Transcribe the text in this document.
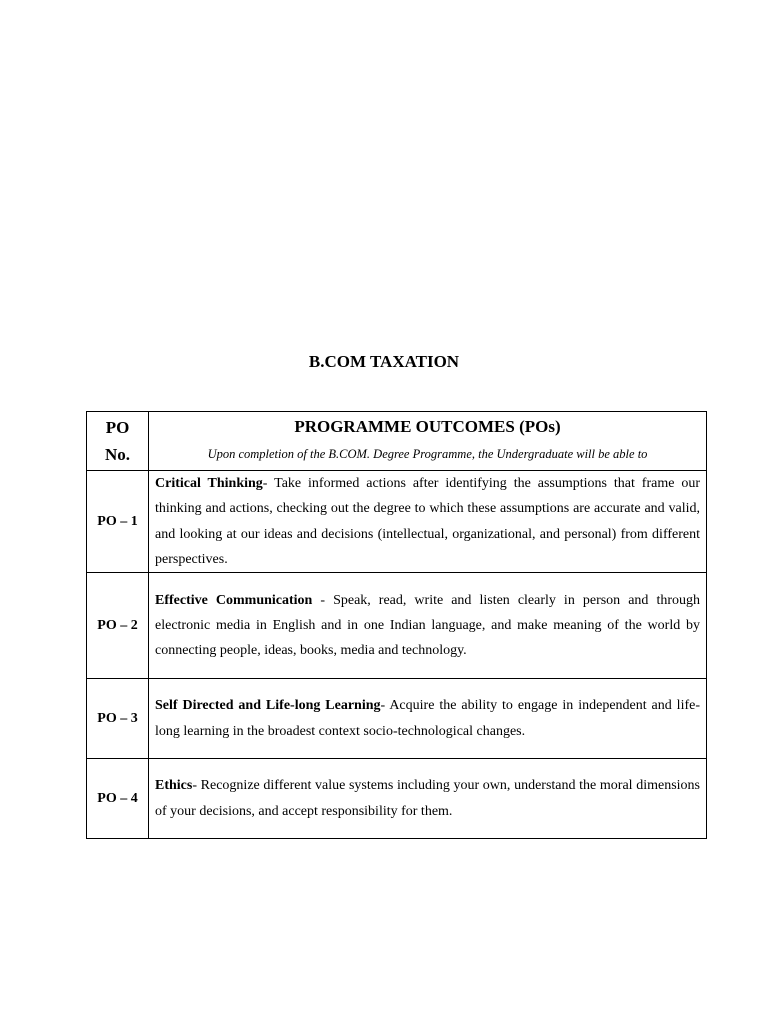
B.COM TAXATION
PO
No.	PROGRAMME OUTCOMES (POs)
Upon completion of the B.COM. Degree Programme, the Undergraduate will be able to

PO – 1	Critical Thinking- Take informed actions after identifying the assumptions that frame our thinking and actions, checking out the degree to which these assumptions are accurate and valid, and looking at our ideas and decisions (intellectual, organizational, and personal) from different perspectives.
PO – 2	Effective Communication - Speak, read, write and listen clearly in person and through electronic media in English and in one Indian language, and make meaning of the world by connecting people, ideas, books, media and technology.
PO – 3	Self Directed and Life-long Learning- Acquire the ability to engage in independent and life-long learning in the broadest context socio-technological changes.
PO – 4	Ethics- Recognize different value systems including your own, understand the moral dimensions of your decisions, and accept responsibility for them.
